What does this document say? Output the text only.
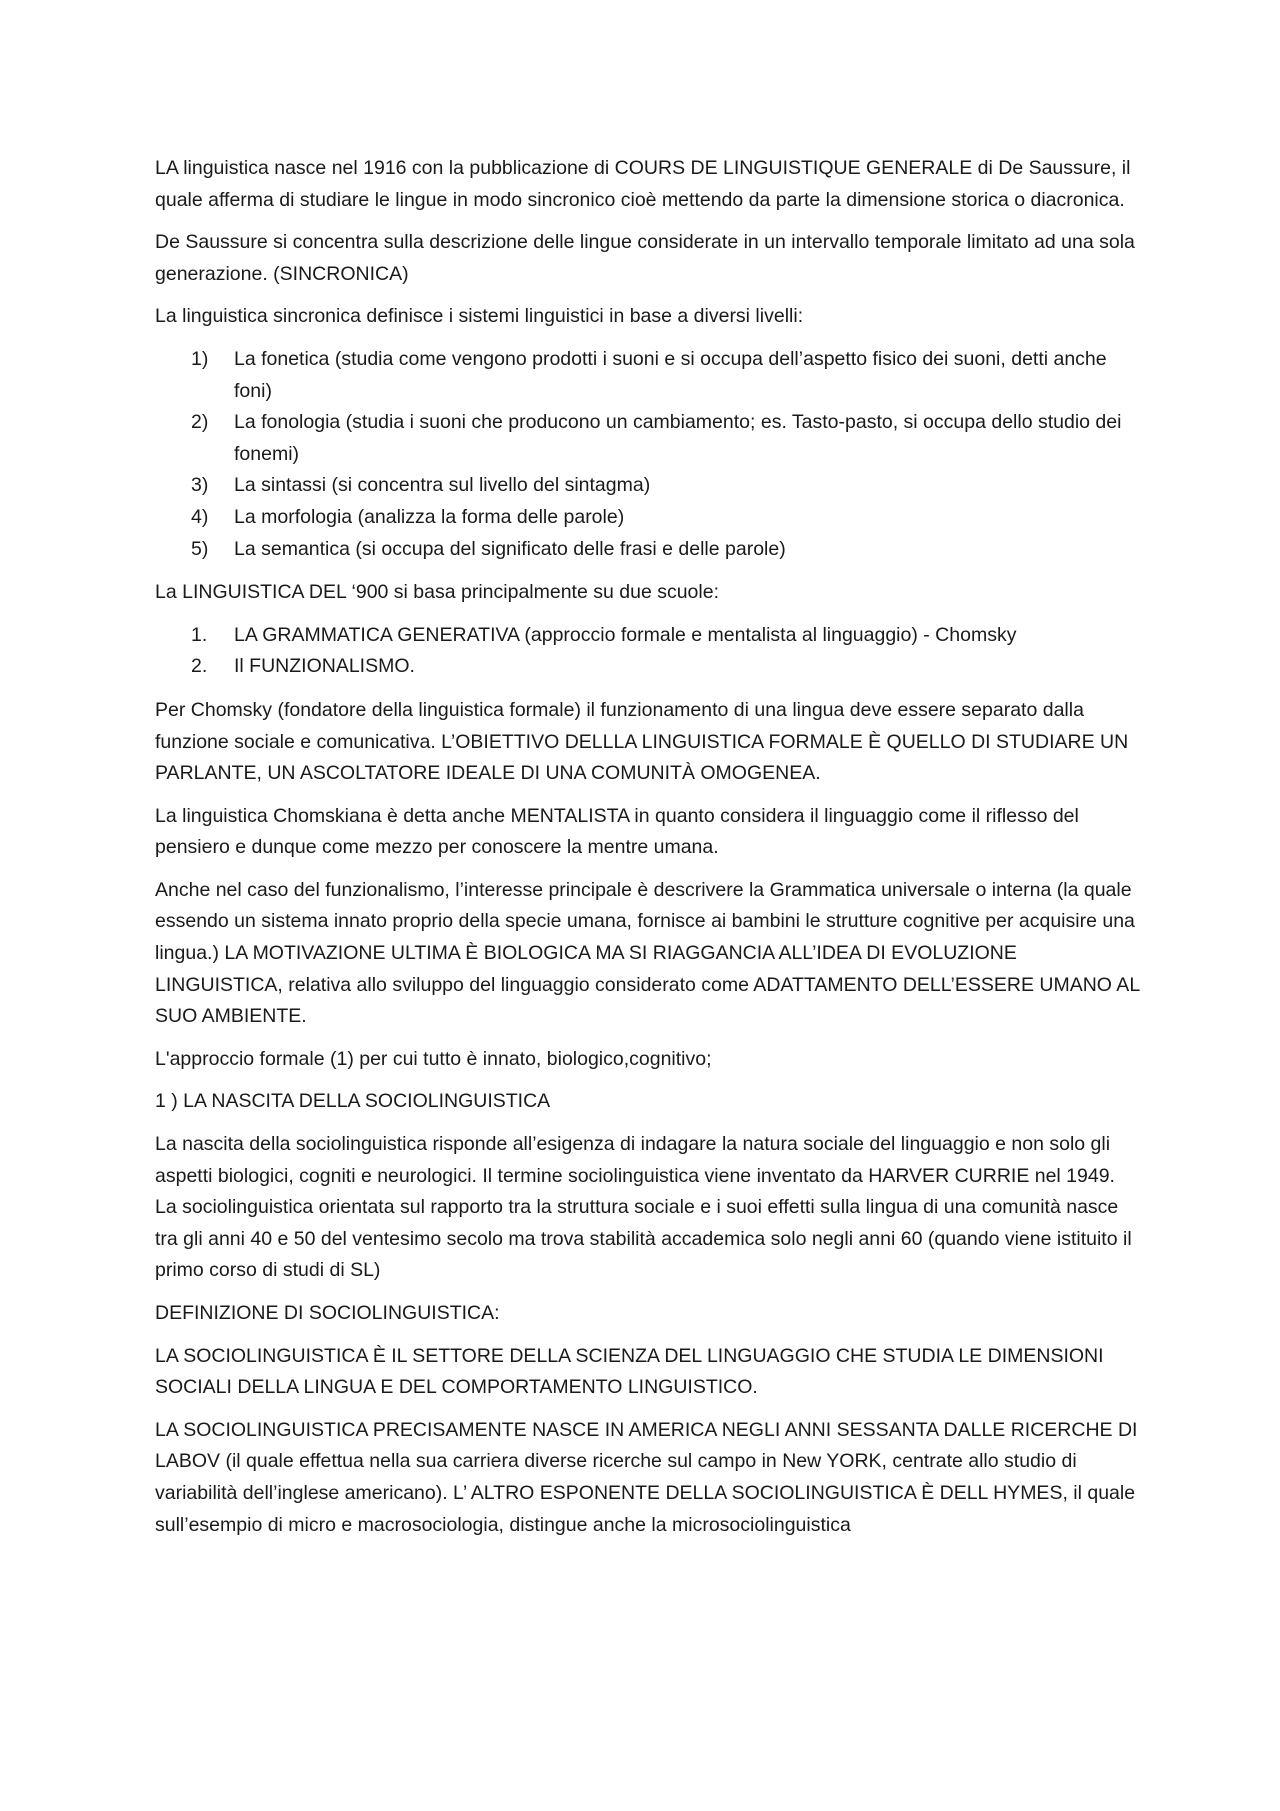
LA linguistica nasce nel 1916 con la pubblicazione di COURS DE LINGUISTIQUE GENERALE di De Saussure, il quale afferma di studiare le lingue in modo sincronico cioè mettendo da parte la dimensione storica o diacronica.

De Saussure si concentra sulla descrizione delle lingue considerate in un intervallo temporale limitato ad una sola generazione. (SINCRONICA)

La linguistica sincronica definisce i sistemi linguistici in base a diversi livelli:

1)	La fonetica (studia come vengono prodotti i suoni e si occupa dell’aspetto fisico dei suoni, detti anche foni)
2)	La fonologia (studia i suoni che producono un cambiamento; es. Tasto-pasto, si occupa dello studio dei fonemi)
3)	La sintassi (si concentra sul livello del sintagma)
4)	La morfologia (analizza la forma delle parole)
5)	La semantica (si occupa del significato delle frasi e delle parole)

La LINGUISTICA DEL ‘900 si basa principalmente su due scuole:

1.	LA GRAMMATICA GENERATIVA (approccio formale e mentalista al linguaggio) - Chomsky
2.	Il FUNZIONALISMO.

Per Chomsky (fondatore della linguistica formale) il funzionamento di una lingua deve essere separato dalla funzione sociale e comunicativa. L’OBIETTIVO DELLLA LINGUISTICA FORMALE È QUELLO DI STUDIARE UN PARLANTE, UN ASCOLTATORE IDEALE DI UNA COMUNITÀ OMOGENEA.

La linguistica Chomskiana è detta anche MENTALISTA in quanto considera il linguaggio come il riflesso del pensiero e dunque come mezzo per conoscere la mentre umana.

Anche nel caso del funzionalismo, l’interesse principale è descrivere la Grammatica universale o interna (la quale essendo un sistema innato proprio della specie umana, fornisce ai bambini le strutture cognitive per acquisire una lingua.) LA MOTIVAZIONE ULTIMA È BIOLOGICA MA SI RIAGGANCIA ALL’IDEA DI EVOLUZIONE LINGUISTICA, relativa allo sviluppo del linguaggio considerato come ADATTAMENTO DELL’ESSERE UMANO AL SUO AMBIENTE.

L'approccio formale (1) per cui tutto è innato, biologico,cognitivo;

1 ) LA NASCITA DELLA SOCIOLINGUISTICA

La nascita della sociolinguistica risponde all’esigenza di indagare la natura sociale del linguaggio e non solo gli aspetti biologici, cogniti e neurologici. Il termine sociolinguistica viene inventato da HARVER CURRIE nel 1949. La sociolinguistica orientata sul rapporto tra la struttura sociale e i suoi effetti sulla lingua di una comunità nasce tra gli anni 40 e 50 del ventesimo secolo ma trova stabilità accademica solo negli anni 60 (quando viene istituito il primo corso di studi di SL)

DEFINIZIONE DI SOCIOLINGUISTICA:

LA SOCIOLINGUISTICA È IL SETTORE DELLA SCIENZA DEL LINGUAGGIO CHE STUDIA LE DIMENSIONI SOCIALI DELLA LINGUA E DEL COMPORTAMENTO LINGUISTICO.

LA SOCIOLINGUISTICA PRECISAMENTE NASCE IN AMERICA NEGLI ANNI SESSANTA DALLE RICERCHE DI LABOV (il quale effettua nella sua carriera diverse ricerche sul campo in New YORK, centrate allo studio di variabilità dell’inglese americano). L’ ALTRO ESPONENTE DELLA SOCIOLINGUISTICA È DELL HYMES, il quale sull’esempio di micro e macrosociologia, distingue anche la microsociolinguistica
